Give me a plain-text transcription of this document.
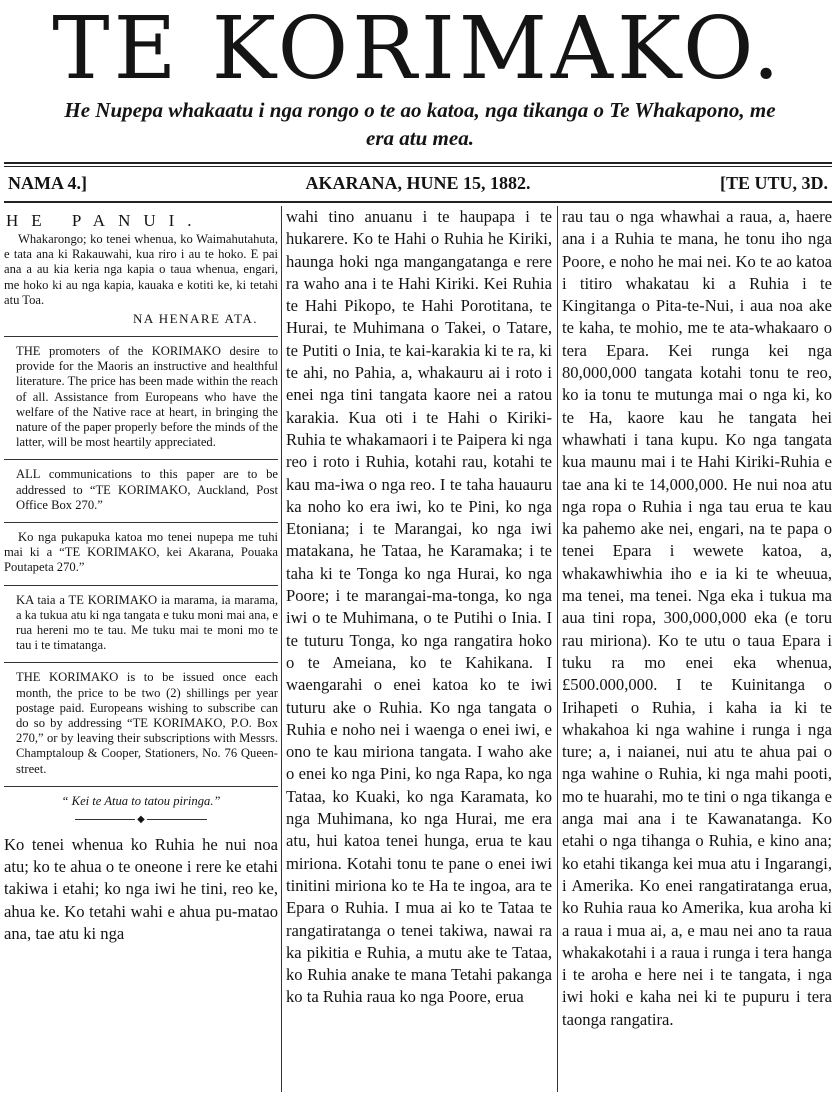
TE KORIMAKO.
He Nupepa whakaatu i nga rongo o te ao katoa, nga tikanga o Te Whakapono, me era atu mea.
NAMA 4.]	AKARANA, HUNE 15, 1882.	[TE UTU, 3D.
HE PANUI.

Whakarongo; ko tenei whenua, ko Waimahutahuta, e tata ana ki Rakauwahi, kua riro i au te hoko. E pai ana a au kia keria nga kapia o taua whenua, engari, me hoko ki au nga kapia, kauaka e kotiti ke, ki tetahi atu Toa.

NA HENARE ATA.

THE promoters of the KORIMAKO desire to provide for the Maoris an instructive and healthful literature. The price has been made within the reach of all. Assistance from Europeans who have the welfare of the Native race at heart, in bringing the nature of the paper properly before the minds of the latter, will be most heartily appreciated.

ALL communications to this paper are to be addressed to “TE KORIMAKO, Auckland, Post Office Box 270.”

Ko nga pukapuka katoa mo tenei nupepa me tuhi mai ki a “TE KORIMAKO, kei Akarana, Pouaka Poutapeta 270.”

KA taia a TE KORIMAKO ia marama, ia marama, a ka tukua atu ki nga tangata e tuku moni mai ana, e rua hereni mo te tau. Me tuku mai te moni mo te tau i te timatanga.

THE KORIMAKO is to be issued once each month, the price to be two (2) shillings per year postage paid. Europeans wishing to subscribe can do so by addressing “TE KORIMAKO, P.O. Box 270,” or by leaving their subscriptions with Messrs. Champtaloup & Cooper, Stationers, No. 76 Queen-street.

“ Kei te Atua to tatou piringa.”
◆

Ko tenei whenua ko Ruhia he nui noa atu; ko te ahua o te oneone i rere ke etahi takiwa i etahi; ko nga iwi he tini, reo ke, ahua ke. Ko tetahi wahi e ahua pu-matao ana, tae atu ki nga

wahi tino anuanu i te haupapa i te hukarere. Ko te Hahi o Ruhia he Kiriki, haunga hoki nga mangangatanga e rere ra waho ana i te Hahi Kiriki. Kei Ruhia te Hahi Pikopo, te Hahi Porotitana, te Hurai, te Muhimana o Takei, o Tatare, te Putiti o Inia, te kai-karakia ki te ra, ki te ahi, no Pahia, a, whakauru ai i roto i enei nga tini tangata kaore nei a ratou karakia. Kua oti i te Hahi o Kiriki-Ruhia te whakamaori i te Paipera ki nga reo i roto i Ruhia, kotahi rau, kotahi te kau ma-iwa o nga reo. I te taha hauauru ka noho ko era iwi, ko te Pini, ko nga Etoniana; i te Marangai, ko nga iwi matakana, he Tataa, he Karamaka; i te taha ki te Tonga ko nga Hurai, ko nga Poore; i te marangai-ma-tonga, ko nga iwi o te Muhimana, o te Putihi o Inia. I te tuturu Tonga, ko nga rangatira hoko o te Ameiana, ko te Kahikana. I waengarahi o enei katoa ko te iwi tuturu ake o Ruhia. Ko nga tangata o Ruhia e noho nei i waenga o enei iwi, e ono te kau miriona tangata. I waho ake o enei ko nga Pini, ko nga Rapa, ko nga Tataa, ko Kuaki, ko nga Karamata, ko nga Muhimana, ko nga Hurai, me era atu, hui katoa tenei hunga, erua te kau miriona. Kotahi tonu te pane o enei iwi tinitini miriona ko te Ha te ingoa, ara te Epara o Ruhia. I mua ai ko te Tataa te rangatiratanga o tenei takiwa, nawai ra ka pikitia e Ruhia, a mutu ake te Tataa, ko Ruhia anake te mana Tetahi pakanga ko ta Ruhia raua ko nga Poore, erua

rau tau o nga whawhai a raua, a, haere ana i a Ruhia te mana, he tonu iho nga Poore, e noho he mai nei. Ko te ao katoa i titiro whakatau ki a Ruhia i te Kingitanga o Pita-te-Nui, i aua noa ake te kaha, te mohio, me te ata-whakaaro o tera Epara. Kei runga kei nga 80,000,000 tangata kotahi tonu te reo, ko ia tonu te mutunga mai o nga ki, ko te Ha, kaore kau he tangata hei whawhati i tana kupu. Ko nga tangata kua maunu mai i te Hahi Kiriki-Ruhia e tae ana ki te 14,000,000. He nui noa atu nga ropa o Ruhia i nga tau erua te kau ka pahemo ake nei, engari, na te papa o tenei Epara i wewete katoa, a, whakawhiwhia iho e ia ki te wheuua, ma tenei, ma tenei. Nga eka i tukua ma aua tini ropa, 300,000,000 eka (e toru rau miriona). Ko te utu o taua Epara i tuku ra mo enei eka whenua, £500.000,000. I te Kuinitanga o Irihapeti o Ruhia, i kaha ia ki te whakahoa ki nga wahine i runga i nga ture; a, i naianei, nui atu te ahua pai o nga wahine o Ruhia, ki nga mahi pooti, mo te huarahi, mo te tini o nga tikanga e anga mai ana i te Kawanatanga. Ko etahi o nga tihanga o Ruhia, e kino ana; ko etahi tikanga kei mua atu i Ingarangi, i Amerika. Ko enei rangatiratanga erua, ko Ruhia raua ko Amerika, kua aroha ki a raua i mua ai, a, e mau nei ano ta raua whakakotahi i a raua i runga i tera hanga i te aroha e here nei i te tangata, i nga iwi hoki e kaha nei ki te pupuru i tera taonga rangatira.
